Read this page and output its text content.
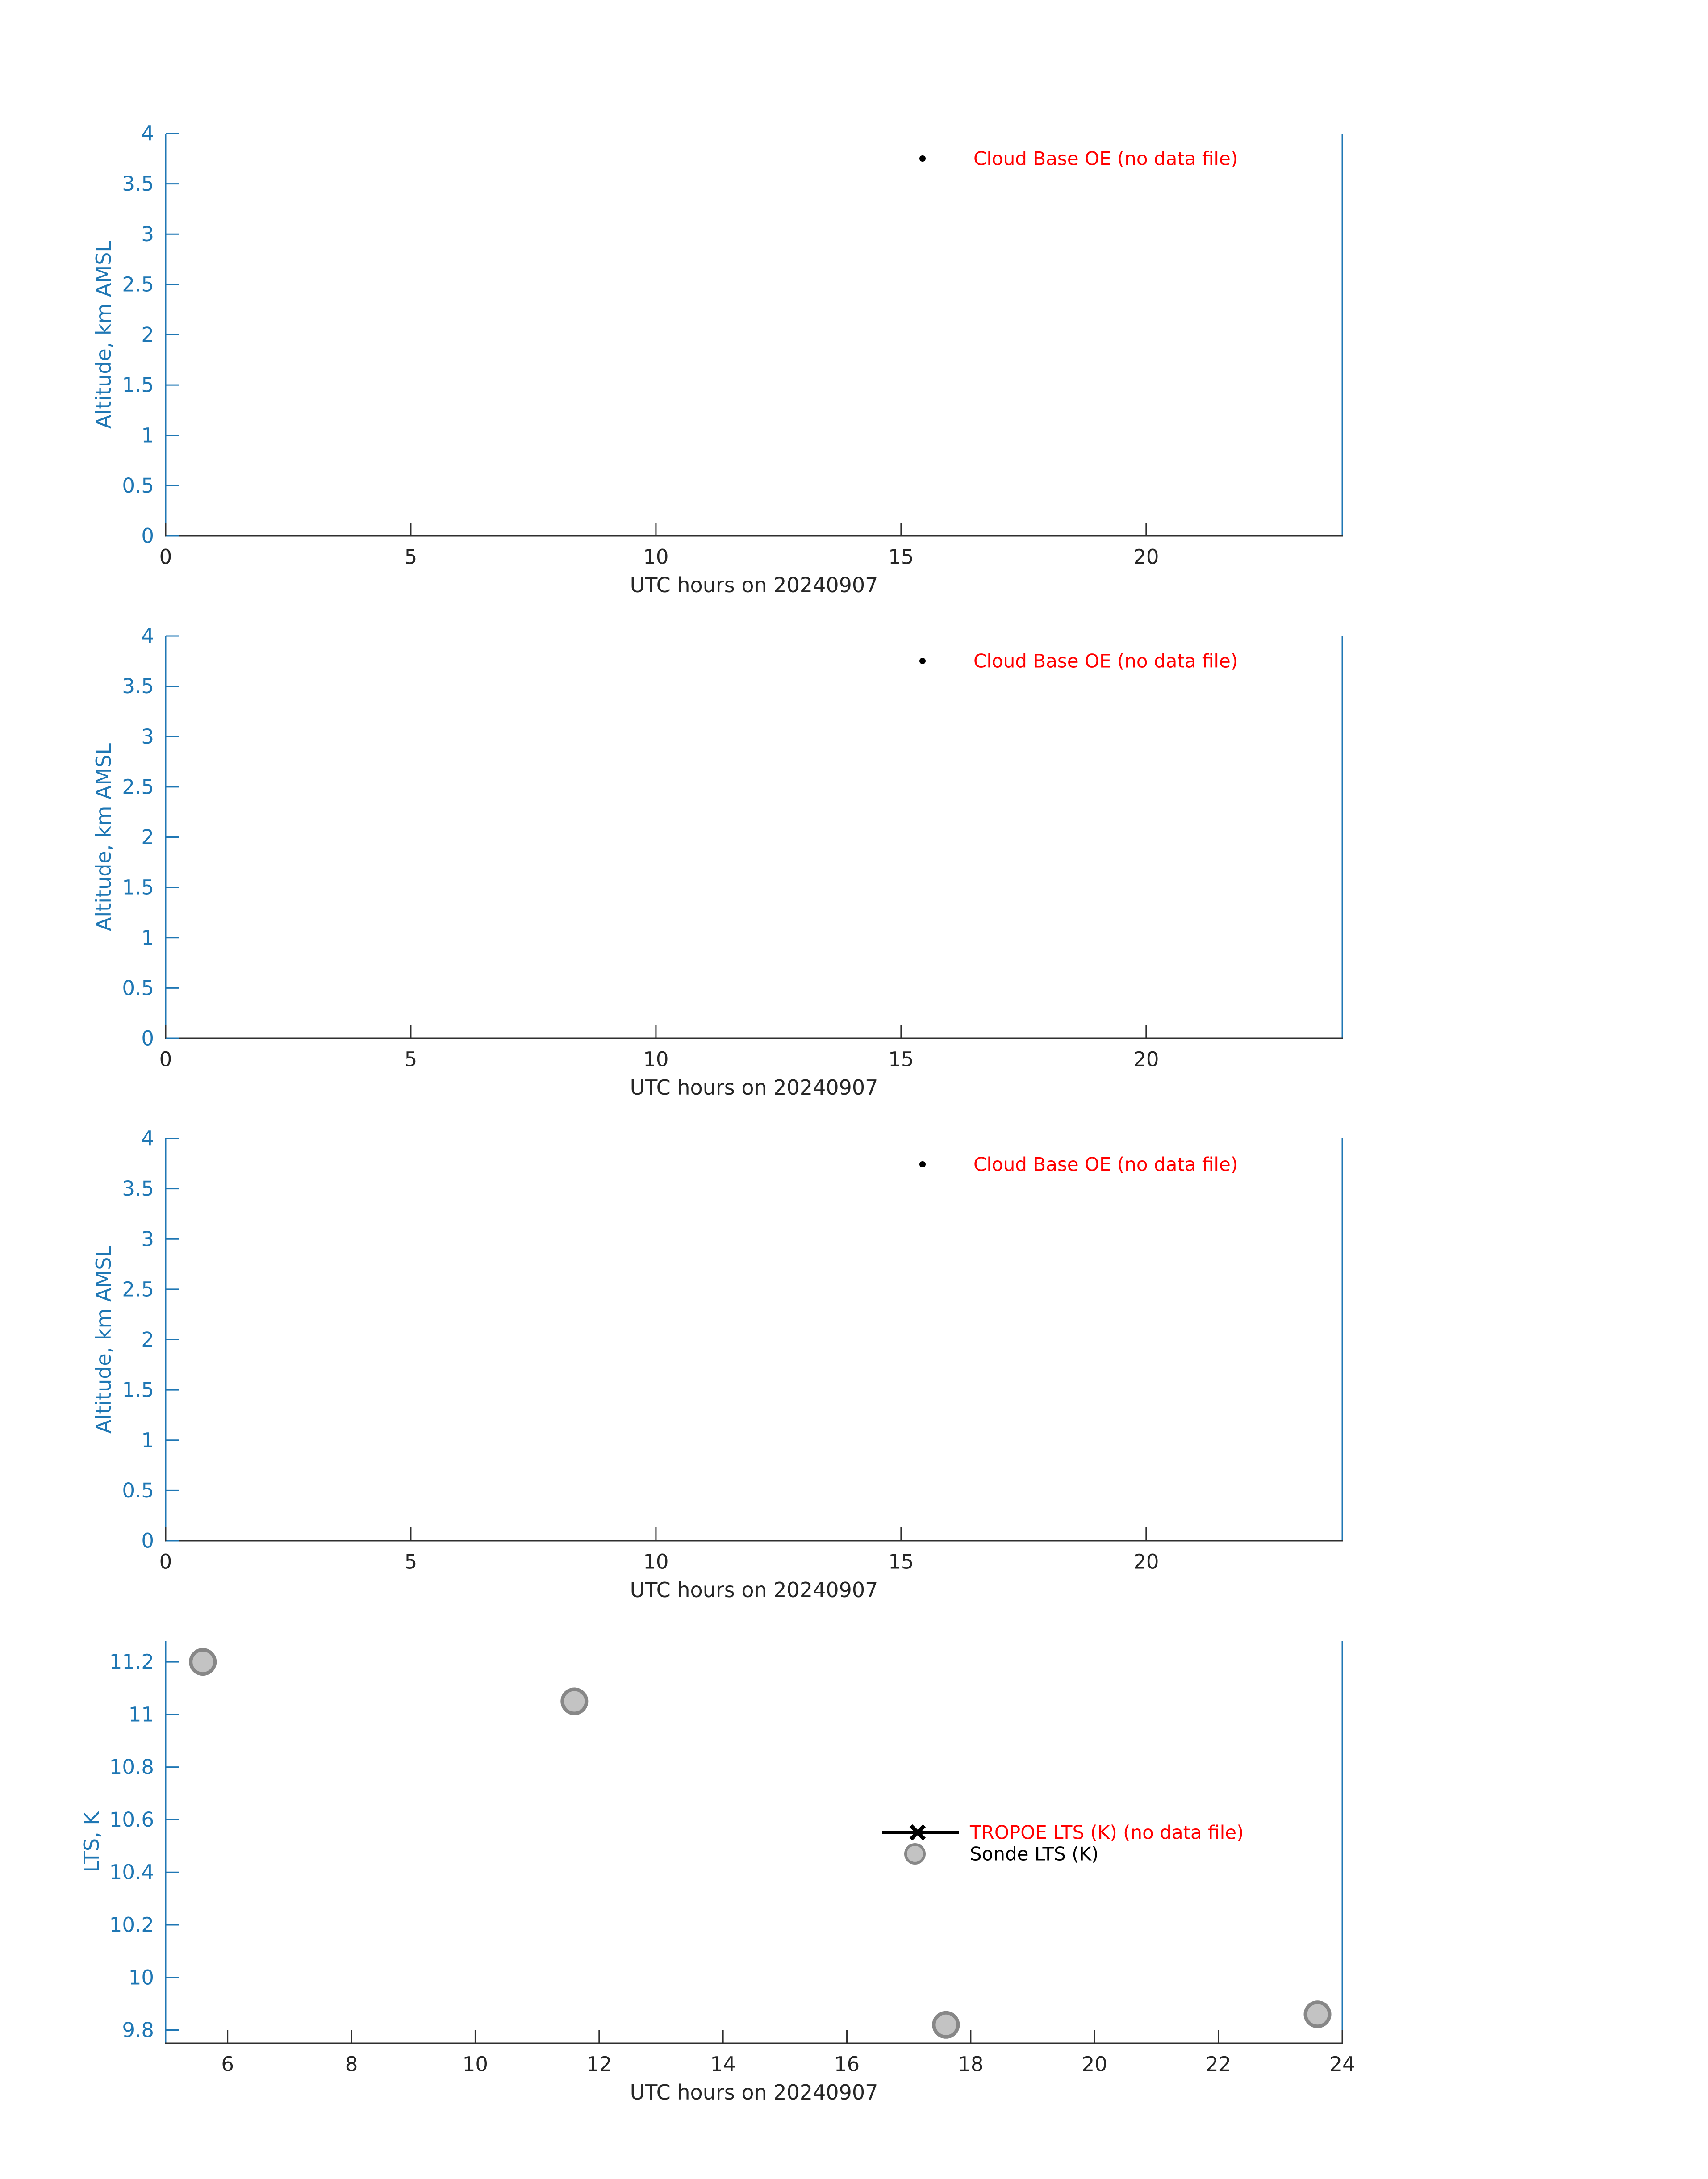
0
0.5
1
1.5
2
2.5
3
3.5
4
0	5	10	15	20
UTC hours on 20240907
Altitude, km AMSL
Cloud Base OE (no data file)
0
0.5
1
1.5
2
2.5
3
3.5
4
0	5	10	15	20
UTC hours on 20240907
Altitude, km AMSL
Cloud Base OE (no data file)
0
0.5
1
1.5
2
2.5
3
3.5
4
0	5	10	15	20
UTC hours on 20240907
Altitude, km AMSL
Cloud Base OE (no data file)
9.8
10
10.2
10.4
10.6
10.8
11
11.2
6	8	10	12	14	16	18	20	22	24
UTC hours on 20240907
LTS, K	TROPOE LTS (K) (no data file)
Sonde LTS (K)
